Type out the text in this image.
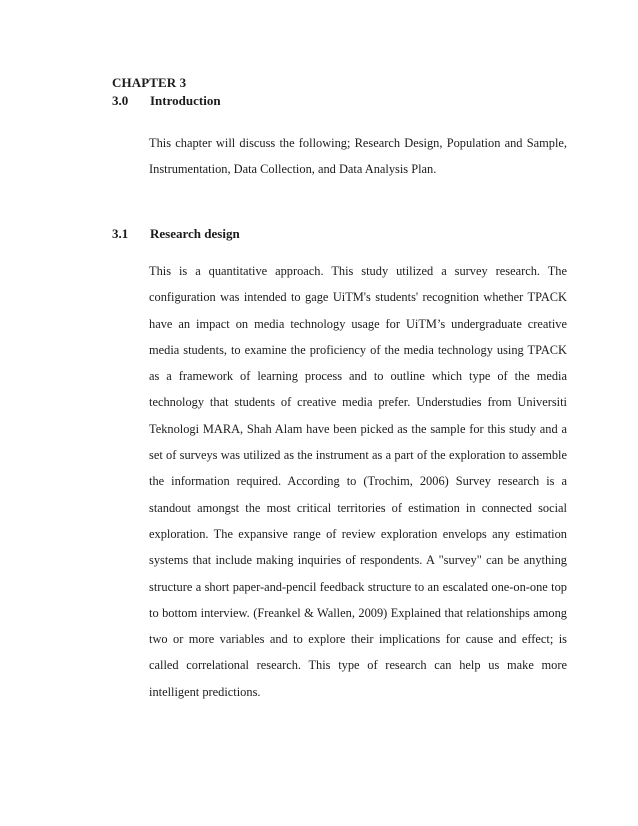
CHAPTER 3
3.0	Introduction
This chapter will discuss the following; Research Design, Population and Sample,
Instrumentation, Data Collection, and Data Analysis Plan.
3.1	Research design
This is a quantitative approach. This study utilized a survey research. The
configuration was intended to gage UiTM's students' recognition whether TPACK
have an impact on media technology usage for UiTM’s undergraduate creative
media students, to examine the proficiency of the media technology using TPACK
as a framework of learning process and to outline which type of the media
technology that students of creative media prefer. Understudies from Universiti
Teknologi MARA, Shah Alam have been picked as the sample for this study and a
set of surveys was utilized as the instrument as a part of the exploration to assemble
the information required. According to (Trochim, 2006) Survey research is a
standout amongst the most critical territories of estimation in connected social
exploration. The expansive range of review exploration envelops any estimation
systems that include making inquiries of respondents. A "survey" can be anything
structure a short paper-and-pencil feedback structure to an escalated one-on-one top
to bottom interview. (Freankel & Wallen, 2009) Explained that relationships among
two or more variables and to explore their implications for cause and effect; is
called correlational research. This type of research can help us make more
intelligent predictions.
